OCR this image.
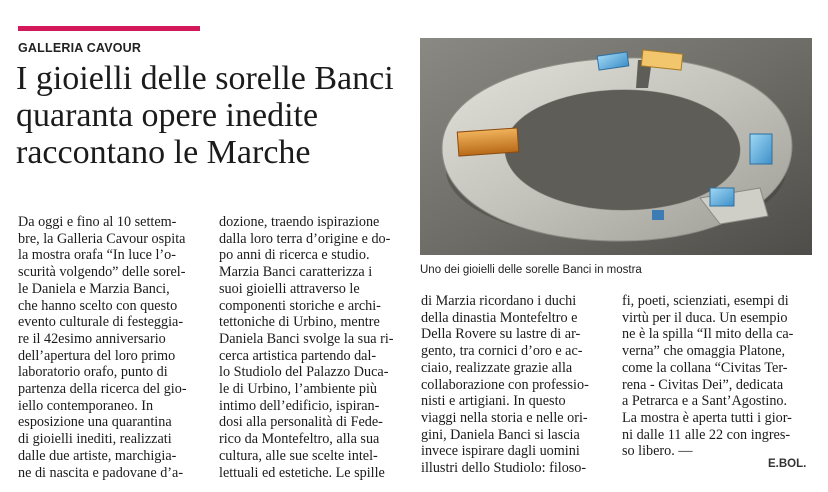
GALLERIA CAVOUR
I gioielli delle sorelle Banci
quaranta opere inedite
raccontano le Marche

Da oggi e fino al 10 settem-
bre, la Galleria Cavour ospita
la mostra orafa “In luce l’o-
scurità volgendo” delle sorel-
le Daniela e Marzia Banci,
che hanno scelto con questo
evento culturale di festeggia-
re il 42esimo anniversario
dell’apertura del loro primo
laboratorio orafo, punto di
partenza della ricerca del gio-
iello contemporaneo. In
esposizione una quarantina
di gioielli inediti, realizzati
dalle due artiste, marchigia-
ne di nascita e padovane d’a-

dozione, traendo ispirazione
dalla loro terra d’origine e do-
po anni di ricerca e studio.
Marzia Banci caratterizza i
suoi gioielli attraverso le
componenti storiche e archi-
tettoniche di Urbino, mentre
Daniela Banci svolge la sua ri-
cerca artistica partendo dal-
lo Studiolo del Palazzo Duca-
le di Urbino, l’ambiente più
intimo dell’edificio, ispiran-
dosi alla personalità di Fede-
rico da Montefeltro, alla sua
cultura, alle sue scelte intel-
lettuali ed estetiche. Le spille

Uno dei gioielli delle sorelle Banci in mostra

di Marzia ricordano i duchi
della dinastia Montefeltro e
Della Rovere su lastre di ar-
gento, tra cornici d’oro e ac-
ciaio, realizzate grazie alla
collaborazione con professio-
nisti e artigiani. In questo
viaggi nella storia e nelle ori-
gini, Daniela Banci si lascia
invece ispirare dagli uomini
illustri dello Studiolo: filoso-

fi, poeti, scienziati, esempi di
virtù per il duca. Un esempio
ne è la spilla “Il mito della ca-
verna” che omaggia Platone,
come la collana “Civitas Ter-
rena - Civitas Dei”, dedicata
a Petrarca e a Sant’Agostino.
La mostra è aperta tutti i gior-
ni dalle 11 alle 22 con ingres-
so libero. —

E.BOL.
